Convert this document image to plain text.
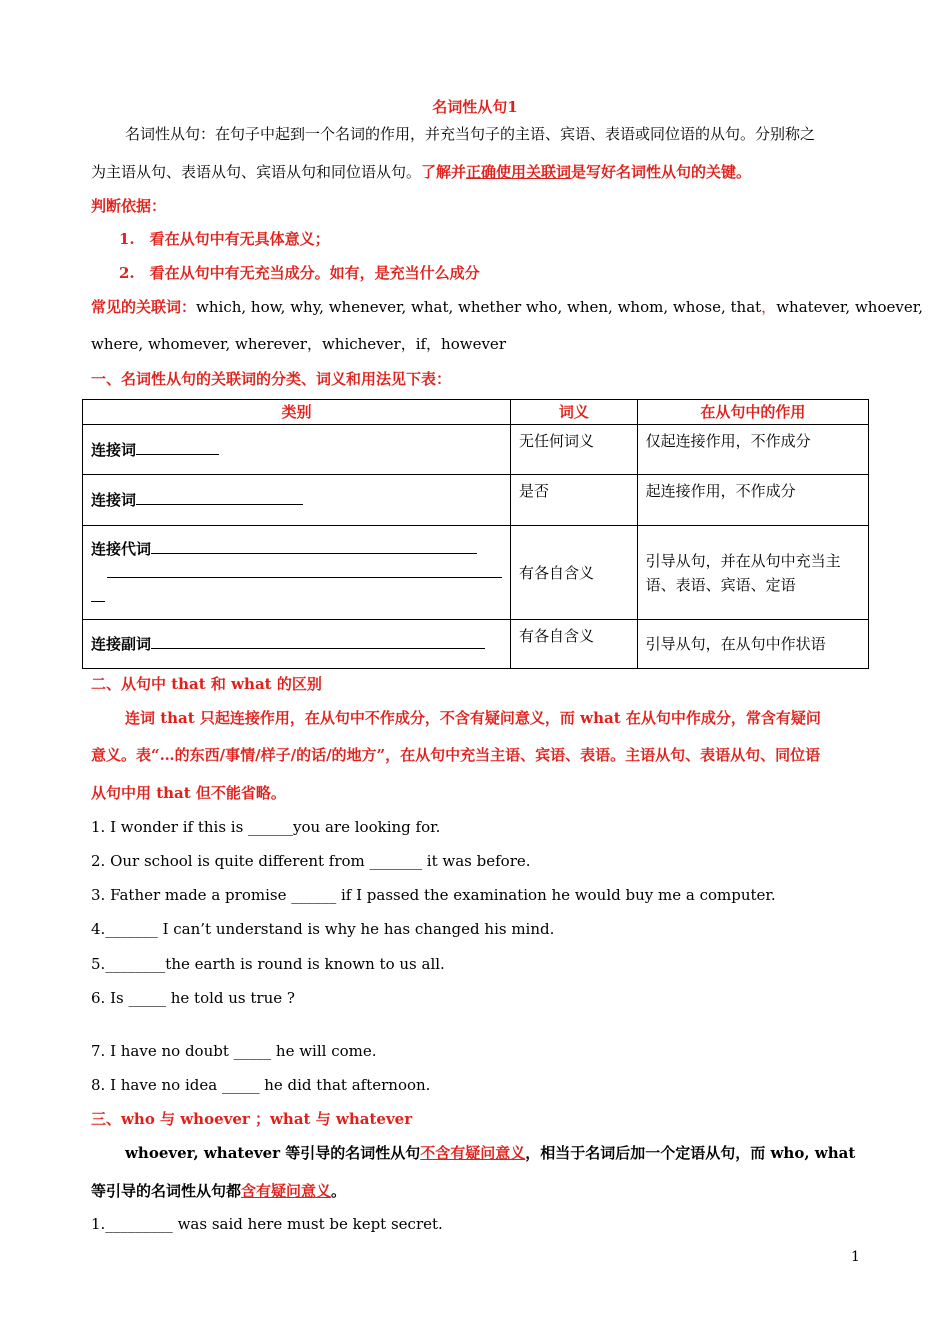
名词性从句1
名词性从句：在句子中起到一个名词的作用，并充当句子的主语、宾语、表语或同位语的从句。分别称之
为主语从句、表语从句、宾语从句和同位语从句。了解并正确使用关联词是写好名词性从句的关键。
判断依据：
1.　看在从句中有无具体意义；
2.　看在从句中有无充当成分。如有，是充当什么成分
常见的关联词：which, how, why, whenever, what, whether who, when, whom, whose, that，whatever, whoever,
where, whomever, wherever，whichever，if，however
一、名词性从句的关联词的分类、词义和用法见下表：
类别	词义	在从句中的作用
连接词	无任何词义	仅起连接作用，不作成分
连接词	是否	起连接作用，不作成分
连接代词	有各自含义	引导从句，并在从句中充当主语、表语、宾语、定语
连接副词	有各自含义	引导从句，在从句中作状语
二、从句中 that 和 what 的区别
连词 that 只起连接作用，在从句中不作成分，不含有疑问意义，而 what 在从句中作成分，常含有疑问
意义。表“…的东西/事情/样子/的话/的地方”，在从句中充当主语、宾语、表语。主语从句、表语从句、同位语
从句中用 that 但不能省略。
1. I wonder if this is ______you are looking for.
2. Our school is quite different from _______ it was before.
3. Father made a promise ______ if I passed the examination he would buy me a computer.
4._______ I can’t understand is why he has changed his mind.
5.________the earth is round is known to us all.
6. Is _____ he told us true ?
7. I have no doubt _____ he will come.
8. I have no idea _____ he did that afternoon.
三、who 与 whoever ；what 与 whatever
whoever, whatever 等引导的名词性从句不含有疑问意义，相当于名词后加一个定语从句，而 who, what
等引导的名词性从句都含有疑问意义。
1._________ was said here must be kept secret.
1
